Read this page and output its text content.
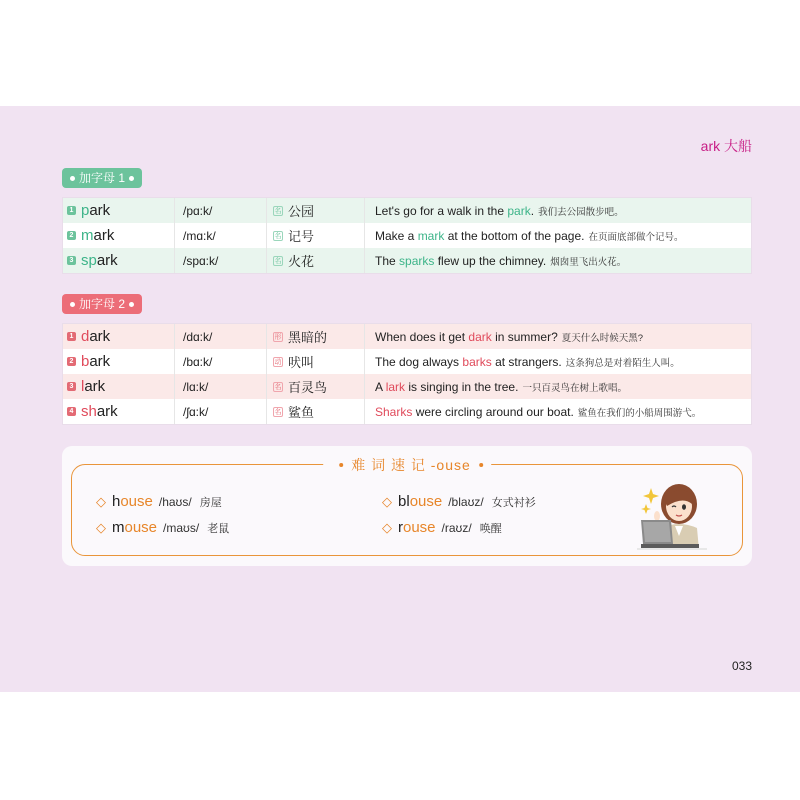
ark 大船
加字母 1
1 park	/pɑ:k/	名 公园	Let's go for a walk in the park. 我们去公园散步吧。
2 mark	/mɑ:k/	名 记号	Make a mark at the bottom of the page. 在页面底部做个记号。
3 spark	/spɑ:k/	名 火花	The sparks flew up the chimney. 烟囱里飞出火花。
加字母 2
1 dark	/dɑ:k/	形 黑暗的	When does it get dark in summer? 夏天什么时候天黑?
2 bark	/bɑ:k/	动 吠叫	The dog always barks at strangers. 这条狗总是对着陌生人叫。
3 lark	/lɑ:k/	名 百灵鸟	A lark is singing in the tree. 一只百灵鸟在树上歌唱。
4 shark	/ʃɑ:k/	名 鲨鱼	Sharks were circling around our boat. 鲨鱼在我们的小船周围游弋。
难 词 速 记 -ouse
◇ house /haʊs/ 房屋	◇ blouse /blaʊz/ 女式衬衫
◇ mouse /maʊs/ 老鼠	◇ rouse /raʊz/ 唤醒
033
